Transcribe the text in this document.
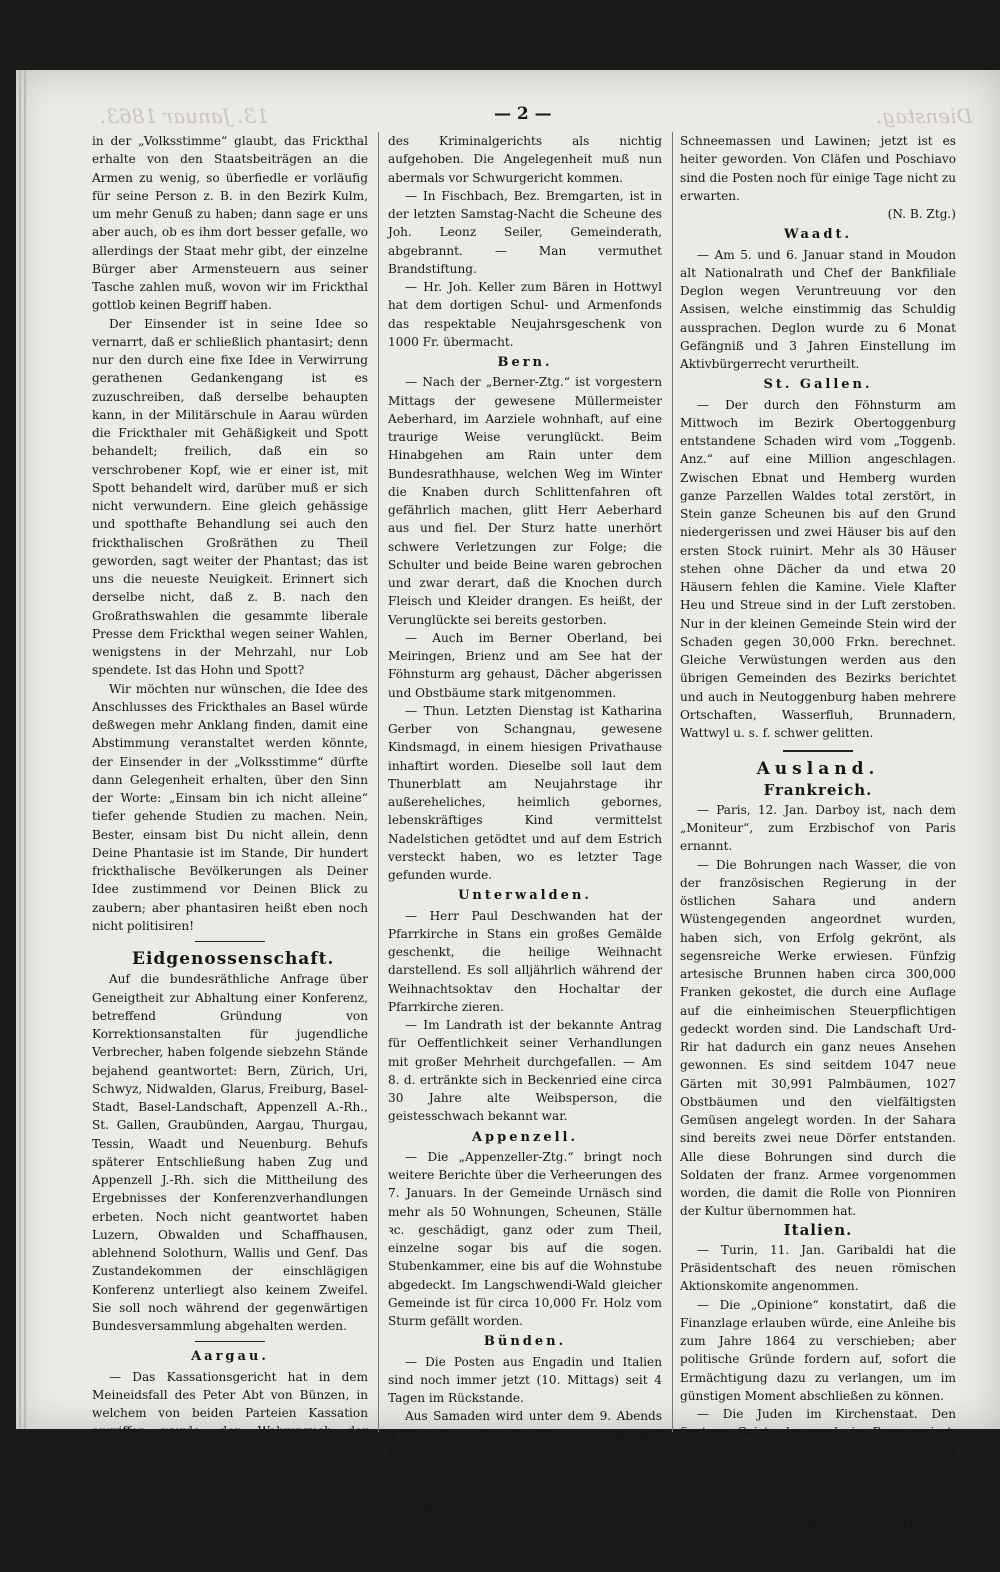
13. Januar 1863.	— 2 —	Dienstag.

in der „Volksstimme“ glaubt, das Frickthal erhalte von den Staatsbeiträgen an die Armen zu wenig, so überfiedle er vorläufig für seine Person z. B. in den Bezirk Kulm, um mehr Genuß zu haben; dann sage er uns aber auch, ob es ihm dort besser gefalle, wo allerdings der Staat mehr gibt, der einzelne Bürger aber Armensteuern aus seiner Tasche zahlen muß, wovon wir im Frickthal gottlob keinen Begriff haben.

Der Einsender ist in seine Idee so vernarrt, daß er schließlich phantasirt; denn nur den durch eine fixe Idee in Verwirrung gerathenen Gedankengang ist es zuzuschreiben, daß derselbe behaupten kann, in der Militärschule in Aarau würden die Frickthaler mit Gehäßigkeit und Spott behandelt; freilich, daß ein so verschrobener Kopf, wie er einer ist, mit Spott behandelt wird, darüber muß er sich nicht verwundern. Eine gleich gehässige und spotthafte Behandlung sei auch den frickthalischen Großräthen zu Theil geworden, sagt weiter der Phantast; das ist uns die neueste Neuigkeit. Erinnert sich derselbe nicht, daß z. B. nach den Großrathswahlen die gesammte liberale Presse dem Frickthal wegen seiner Wahlen, wenigstens in der Mehrzahl, nur Lob spendete. Ist das Hohn und Spott?

Wir möchten nur wünschen, die Idee des Anschlusses des Frickthales an Basel würde deßwegen mehr Anklang finden, damit eine Abstimmung veranstaltet werden könnte, der Einsender in der „Volksstimme“ dürfte dann Gelegenheit erhalten, über den Sinn der Worte: „Einsam bin ich nicht alleine“ tiefer gehende Studien zu machen. Nein, Bester, einsam bist Du nicht allein, denn Deine Phantasie ist im Stande, Dir hundert frickthalische Bevölkerungen als Deiner Idee zustimmend vor Deinen Blick zu zaubern; aber phantasiren heißt eben noch nicht politisiren!

Eidgenossenschaft.

Auf die bundesräthliche Anfrage über Geneigtheit zur Abhaltung einer Konferenz, betreffend Gründung von Korrektionsanstalten für jugendliche Verbrecher, haben folgende siebzehn Stände bejahend geantwortet: Bern, Zürich, Uri, Schwyz, Nidwalden, Glarus, Freiburg, Basel-Stadt, Basel-Landschaft, Appenzell A.-Rh., St. Gallen, Graubünden, Aargau, Thurgau, Tessin, Waadt und Neuenburg. Behufs späterer Entschließung haben Zug und Appenzell J.-Rh. sich die Mittheilung des Ergebnisses der Konferenzverhandlungen erbeten. Noch nicht geantwortet haben Luzern, Obwalden und Schaffhausen, ablehnend Solothurn, Wallis und Genf. Das Zustandekommen der einschlägigen Konferenz unterliegt also keinem Zweifel. Sie soll noch während der gegenwärtigen Bundesversammlung abgehalten werden.

Aargau.

— Das Kassationsgericht hat in dem Meineidsfall des Peter Abt von Bünzen, in welchem von beiden Parteien Kassation ergriffen wurde, den Wahrspruch der Geschwornen und das darauf basirte Urtheil

des Kriminalgerichts als nichtig aufgehoben. Die Angelegenheit muß nun abermals vor Schwurgericht kommen.

— In Fischbach, Bez. Bremgarten, ist in der letzten Samstag-Nacht die Scheune des Joh. Leonz Seiler, Gemeinderath, abgebrannt. — Man vermuthet Brandstiftung.

— Hr. Joh. Keller zum Bären in Hottwyl hat dem dortigen Schul- und Armenfonds das respektable Neujahrsgeschenk von 1000 Fr. übermacht.

Bern.

— Nach der „Berner-Ztg.“ ist vorgestern Mittags der gewesene Müllermeister Aeberhard, im Aarziele wohnhaft, auf eine traurige Weise verunglückt. Beim Hinabgehen am Rain unter dem Bundesrathhause, welchen Weg im Winter die Knaben durch Schlittenfahren oft gefährlich machen, glitt Herr Aeberhard aus und fiel. Der Sturz hatte unerhört schwere Verletzungen zur Folge; die Schulter und beide Beine waren gebrochen und zwar derart, daß die Knochen durch Fleisch und Kleider drangen. Es heißt, der Verunglückte sei bereits gestorben.

— Auch im Berner Oberland, bei Meiringen, Brienz und am See hat der Föhnsturm arg gehaust, Dächer abgerissen und Obstbäume stark mitgenommen.

— Thun. Letzten Dienstag ist Katharina Gerber von Schangnau, gewesene Kindsmagd, in einem hiesigen Privathause inhaftirt worden. Dieselbe soll laut dem Thunerblatt am Neujahrstage ihr außereheliches, heimlich gebornes, lebenskräftiges Kind vermittelst Nadelstichen getödtet und auf dem Estrich versteckt haben, wo es letzter Tage gefunden wurde.

Unterwalden.

— Herr Paul Deschwanden hat der Pfarrkirche in Stans ein großes Gemälde geschenkt, die heilige Weihnacht darstellend. Es soll alljährlich während der Weihnachtsoktav den Hochaltar der Pfarrkirche zieren.

— Im Landrath ist der bekannte Antrag für Oeffentlichkeit seiner Verhandlungen mit großer Mehrheit durchgefallen. — Am 8. d. ertränkte sich in Beckenried eine circa 30 Jahre alte Weibsperson, die geistesschwach bekannt war.

Appenzell.

— Die „Appenzeller-Ztg.“ bringt noch weitere Berichte über die Verheerungen des 7. Januars. In der Gemeinde Urnäsch sind mehr als 50 Wohnungen, Scheunen, Ställe ꝛc. geschädigt, ganz oder zum Theil, einzelne sogar bis auf die sogen. Stubenkammer, eine bis auf die Wohnstube abgedeckt. Im Langschwendi-Wald gleicher Gemeinde ist für circa 10,000 Fr. Holz vom Sturm gefällt worden.

Bünden.

— Die Posten aus Engadin und Italien sind noch immer jetzt (10. Mittags) seit 4 Tagen im Rückstande.

Aus Samaden wird unter dem 9. Abends 4 Uhr telegraphirt: Die Churerpost ist um 1 Uhr hier angelangt. Gestern (8.) gelangte sie von Morgens 7 Uhr von der veduta (dem Bergwirthshause) nach Silvaplana. (Ein Weg, der sonst bei guter Bahn in höchstens einer Stunde zurückgelegt wird). Die Schlitten mußte man auf der Berghöhe zurücklassen. — Ungeheure

Schneemassen und Lawinen; jetzt ist es heiter geworden. Von Cläfen und Poschiavo sind die Posten noch für einige Tage nicht zu erwarten.

(N. B. Ztg.)

Waadt.

— Am 5. und 6. Januar stand in Moudon alt Nationalrath und Chef der Bankfiliale Deglon wegen Veruntreuung vor den Assisen, welche einstimmig das Schuldig aussprachen. Deglon wurde zu 6 Monat Gefängniß und 3 Jahren Einstellung im Aktivbürgerrecht verurtheilt.

St. Gallen.

— Der durch den Föhnsturm am Mittwoch im Bezirk Obertoggenburg entstandene Schaden wird vom „Toggenb. Anz.“ auf eine Million angeschlagen. Zwischen Ebnat und Hemberg wurden ganze Parzellen Waldes total zerstört, in Stein ganze Scheunen bis auf den Grund niedergerissen und zwei Häuser bis auf den ersten Stock ruinirt. Mehr als 30 Häuser stehen ohne Dächer da und etwa 20 Häusern fehlen die Kamine. Viele Klafter Heu und Streue sind in der Luft zerstoben. Nur in der kleinen Gemeinde Stein wird der Schaden gegen 30,000 Frkn. berechnet. Gleiche Verwüstungen werden aus den übrigen Gemeinden des Bezirks berichtet und auch in Neutoggenburg haben mehrere Ortschaften, Wasserfluh, Brunnadern, Wattwyl u. s. f. schwer gelitten.

Ausland.

Frankreich.

— Paris, 12. Jan. Darboy ist, nach dem „Moniteur“, zum Erzbischof von Paris ernannt.

— Die Bohrungen nach Wasser, die von der französischen Regierung in der östlichen Sahara und andern Wüstengegenden angeordnet wurden, haben sich, von Erfolg gekrönt, als segensreiche Werke erwiesen. Fünfzig artesische Brunnen haben circa 300,000 Franken gekostet, die durch eine Auflage auf die einheimischen Steuerpflichtigen gedeckt worden sind. Die Landschaft Urd-Rir hat dadurch ein ganz neues Ansehen gewonnen. Es sind seitdem 1047 neue Gärten mit 30,991 Palmbäumen, 1027 Obstbäumen und den vielfältigsten Gemüsen angelegt worden. In der Sahara sind bereits zwei neue Dörfer entstanden. Alle diese Bohrungen sind durch die Soldaten der franz. Armee vorgenommen worden, die damit die Rolle von Pionniren der Kultur übernommen hat.

Italien.

— Turin, 11. Jan. Garibaldi hat die Präsidentschaft des neuen römischen Aktionskomite angenommen.

— Die „Opinione“ konstatirt, daß die Finanzlage erlauben würde, eine Anleihe bis zum Jahre 1864 zu verschieben; aber politische Gründe fordern auf, sofort die Ermächtigung dazu zu verlangen, um im günstigen Moment abschließen zu können.

— Die Juden im Kirchenstaat. Den finstern Geist, der noch in Rom regiert, bezeichnet das Verfahren der Regierung gegen die Juden. In Velletri erhalten dieselben zwar die Erlaubniß, sich einige Tage in Handelsgeschäften aufzuhalten, dabei wird ihnen aber eingeschärft, sich während
